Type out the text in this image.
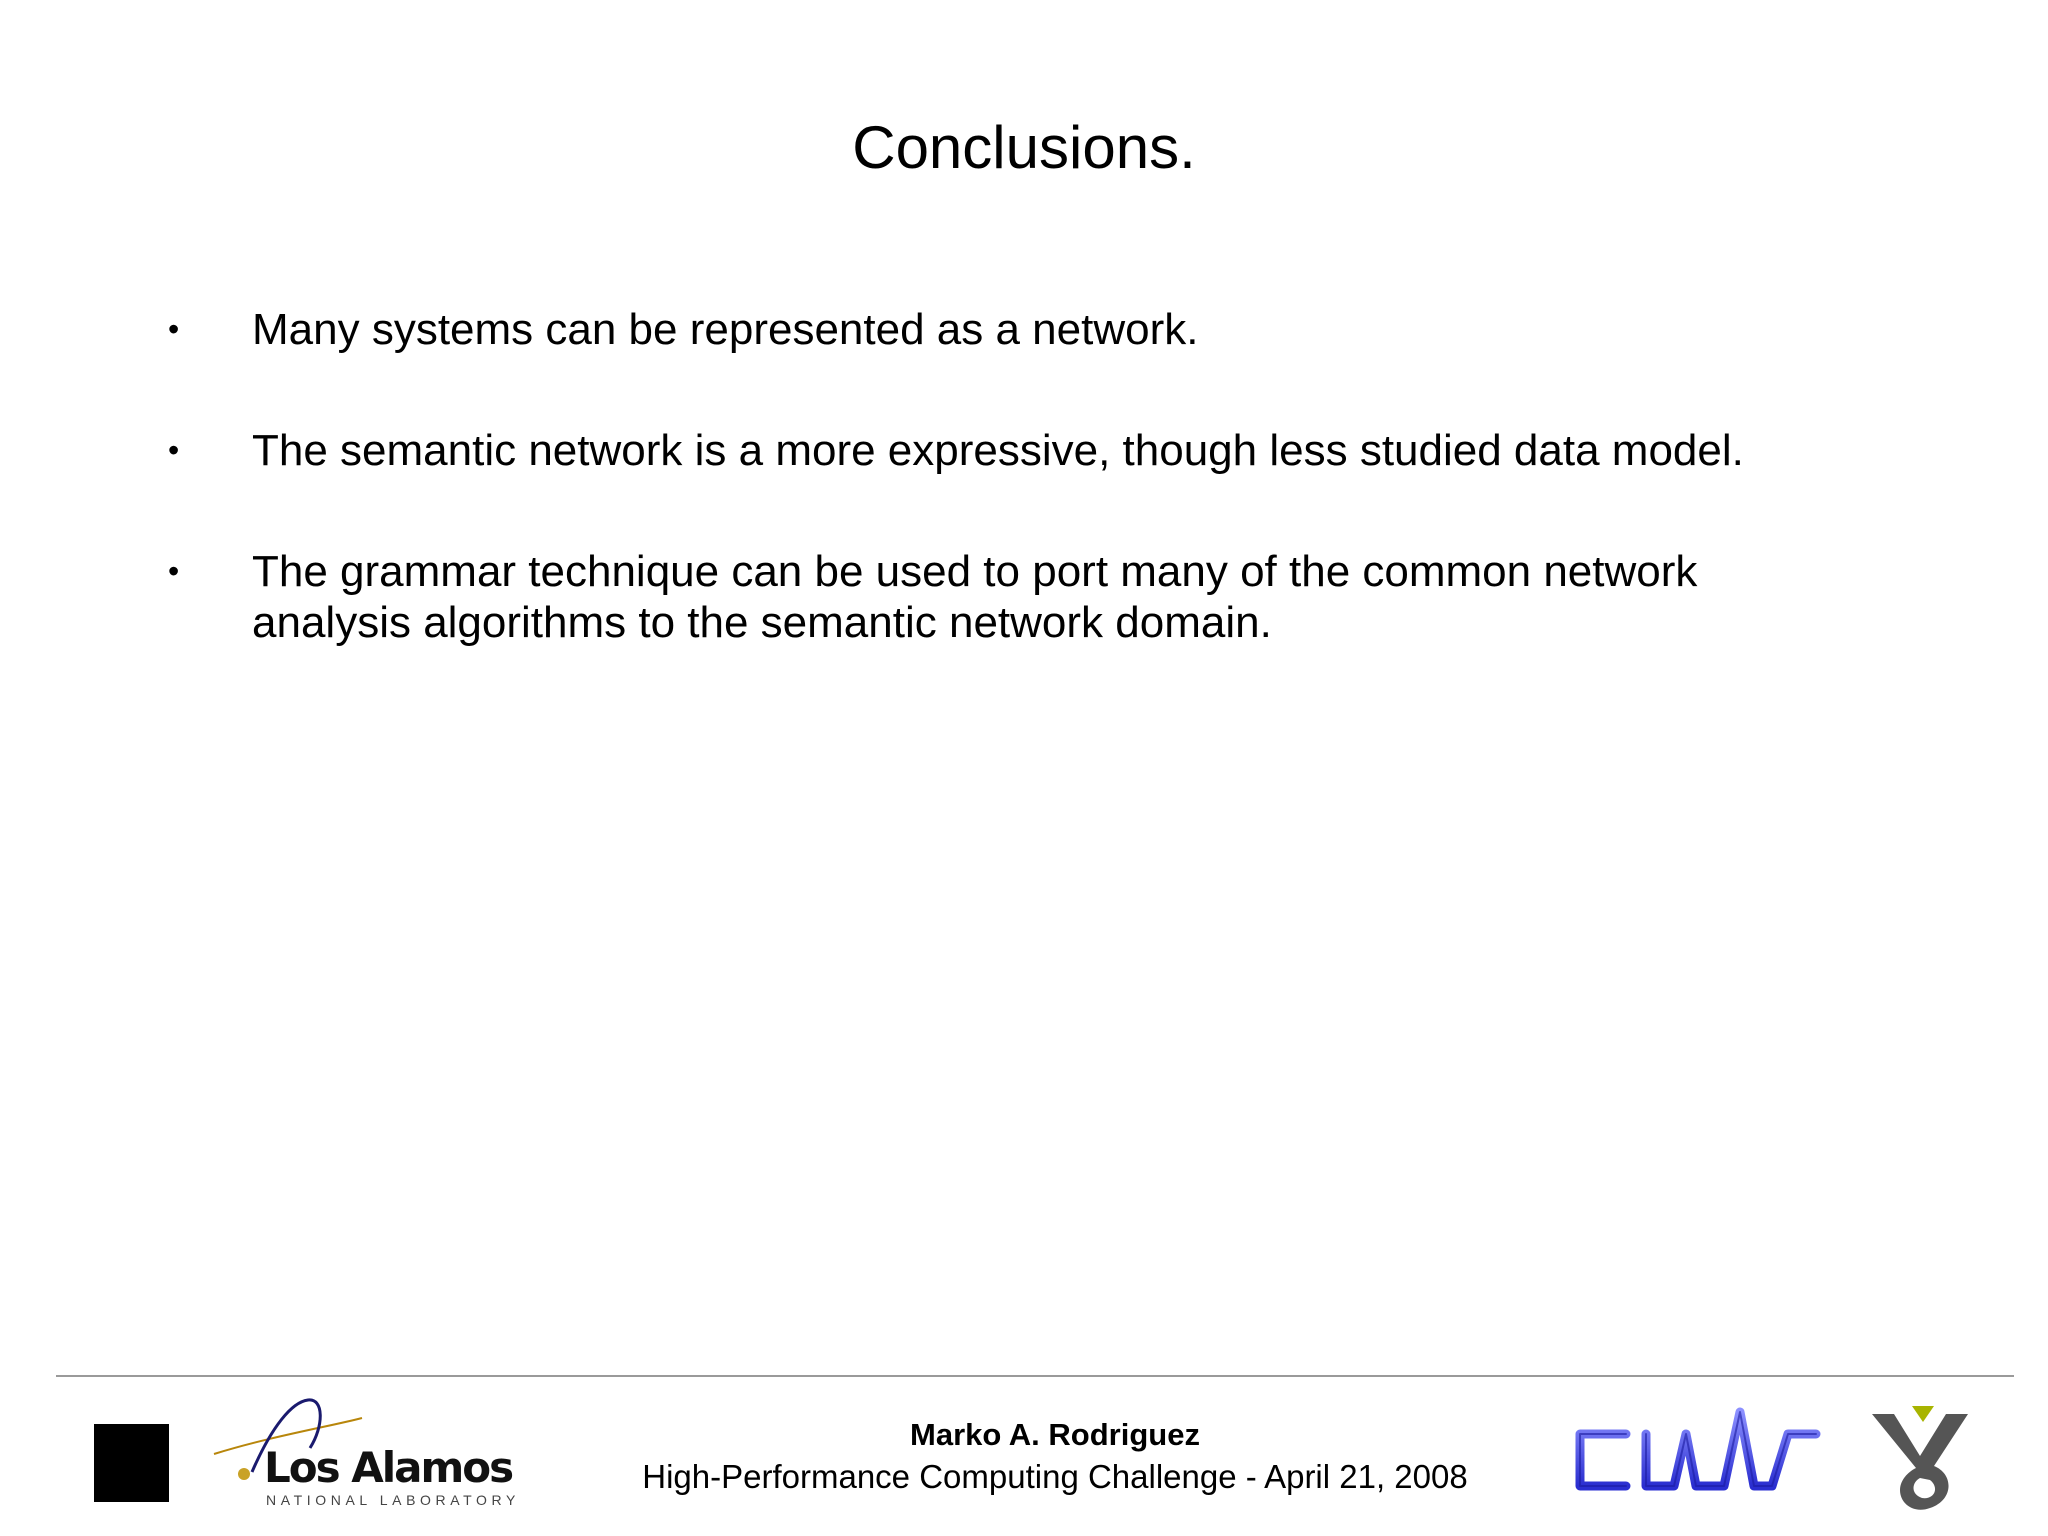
Conclusions.
•	Many systems can be represented as a network.
•	The semantic network is a more expressive, though less studied data model.
•	The grammar technique can be used to port many of the common network analysis algorithms to the semantic network domain.
Los Alamos
NATIONAL LABORATORY
Marko A. Rodriguez
High-Performance Computing Challenge - April 21, 2008
